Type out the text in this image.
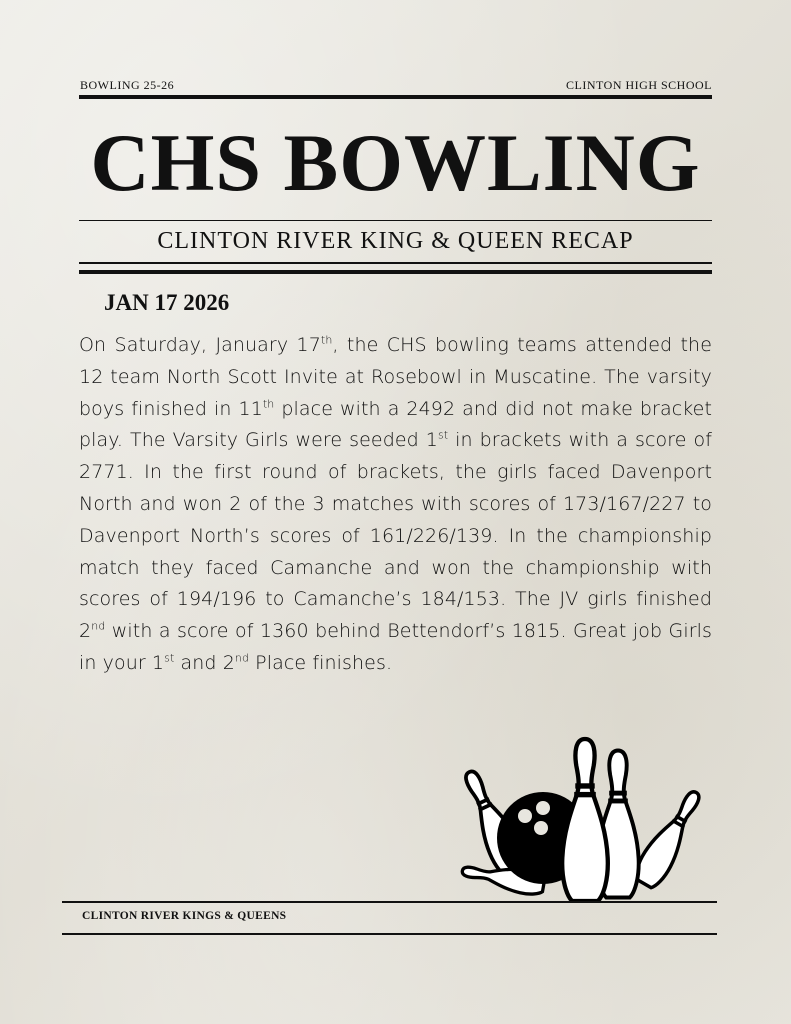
BOWLING 25-26	CLINTON HIGH SCHOOL
CHS BOWLING
CLINTON RIVER KING & QUEEN RECAP
JAN 17 2026
On Saturday, January 17th, the CHS bowling teams attended the 12 team North Scott Invite at Rosebowl in Muscatine. The varsity boys finished in 11th place with a 2492 and did not make bracket play. The Varsity Girls were seeded 1st in brackets with a score of 2771. In the first round of brackets, the girls faced Davenport North and won 2 of the 3 matches with scores of 173/167/227 to Davenport North’s scores of 161/226/139. In the championship match they faced Camanche and won the championship with scores of 194/196 to Camanche’s 184/153. The JV girls finished 2nd with a score of 1360 behind Bettendorf’s 1815. Great job Girls in your 1st and 2nd Place finishes.
CLINTON RIVER KINGS & QUEENS
